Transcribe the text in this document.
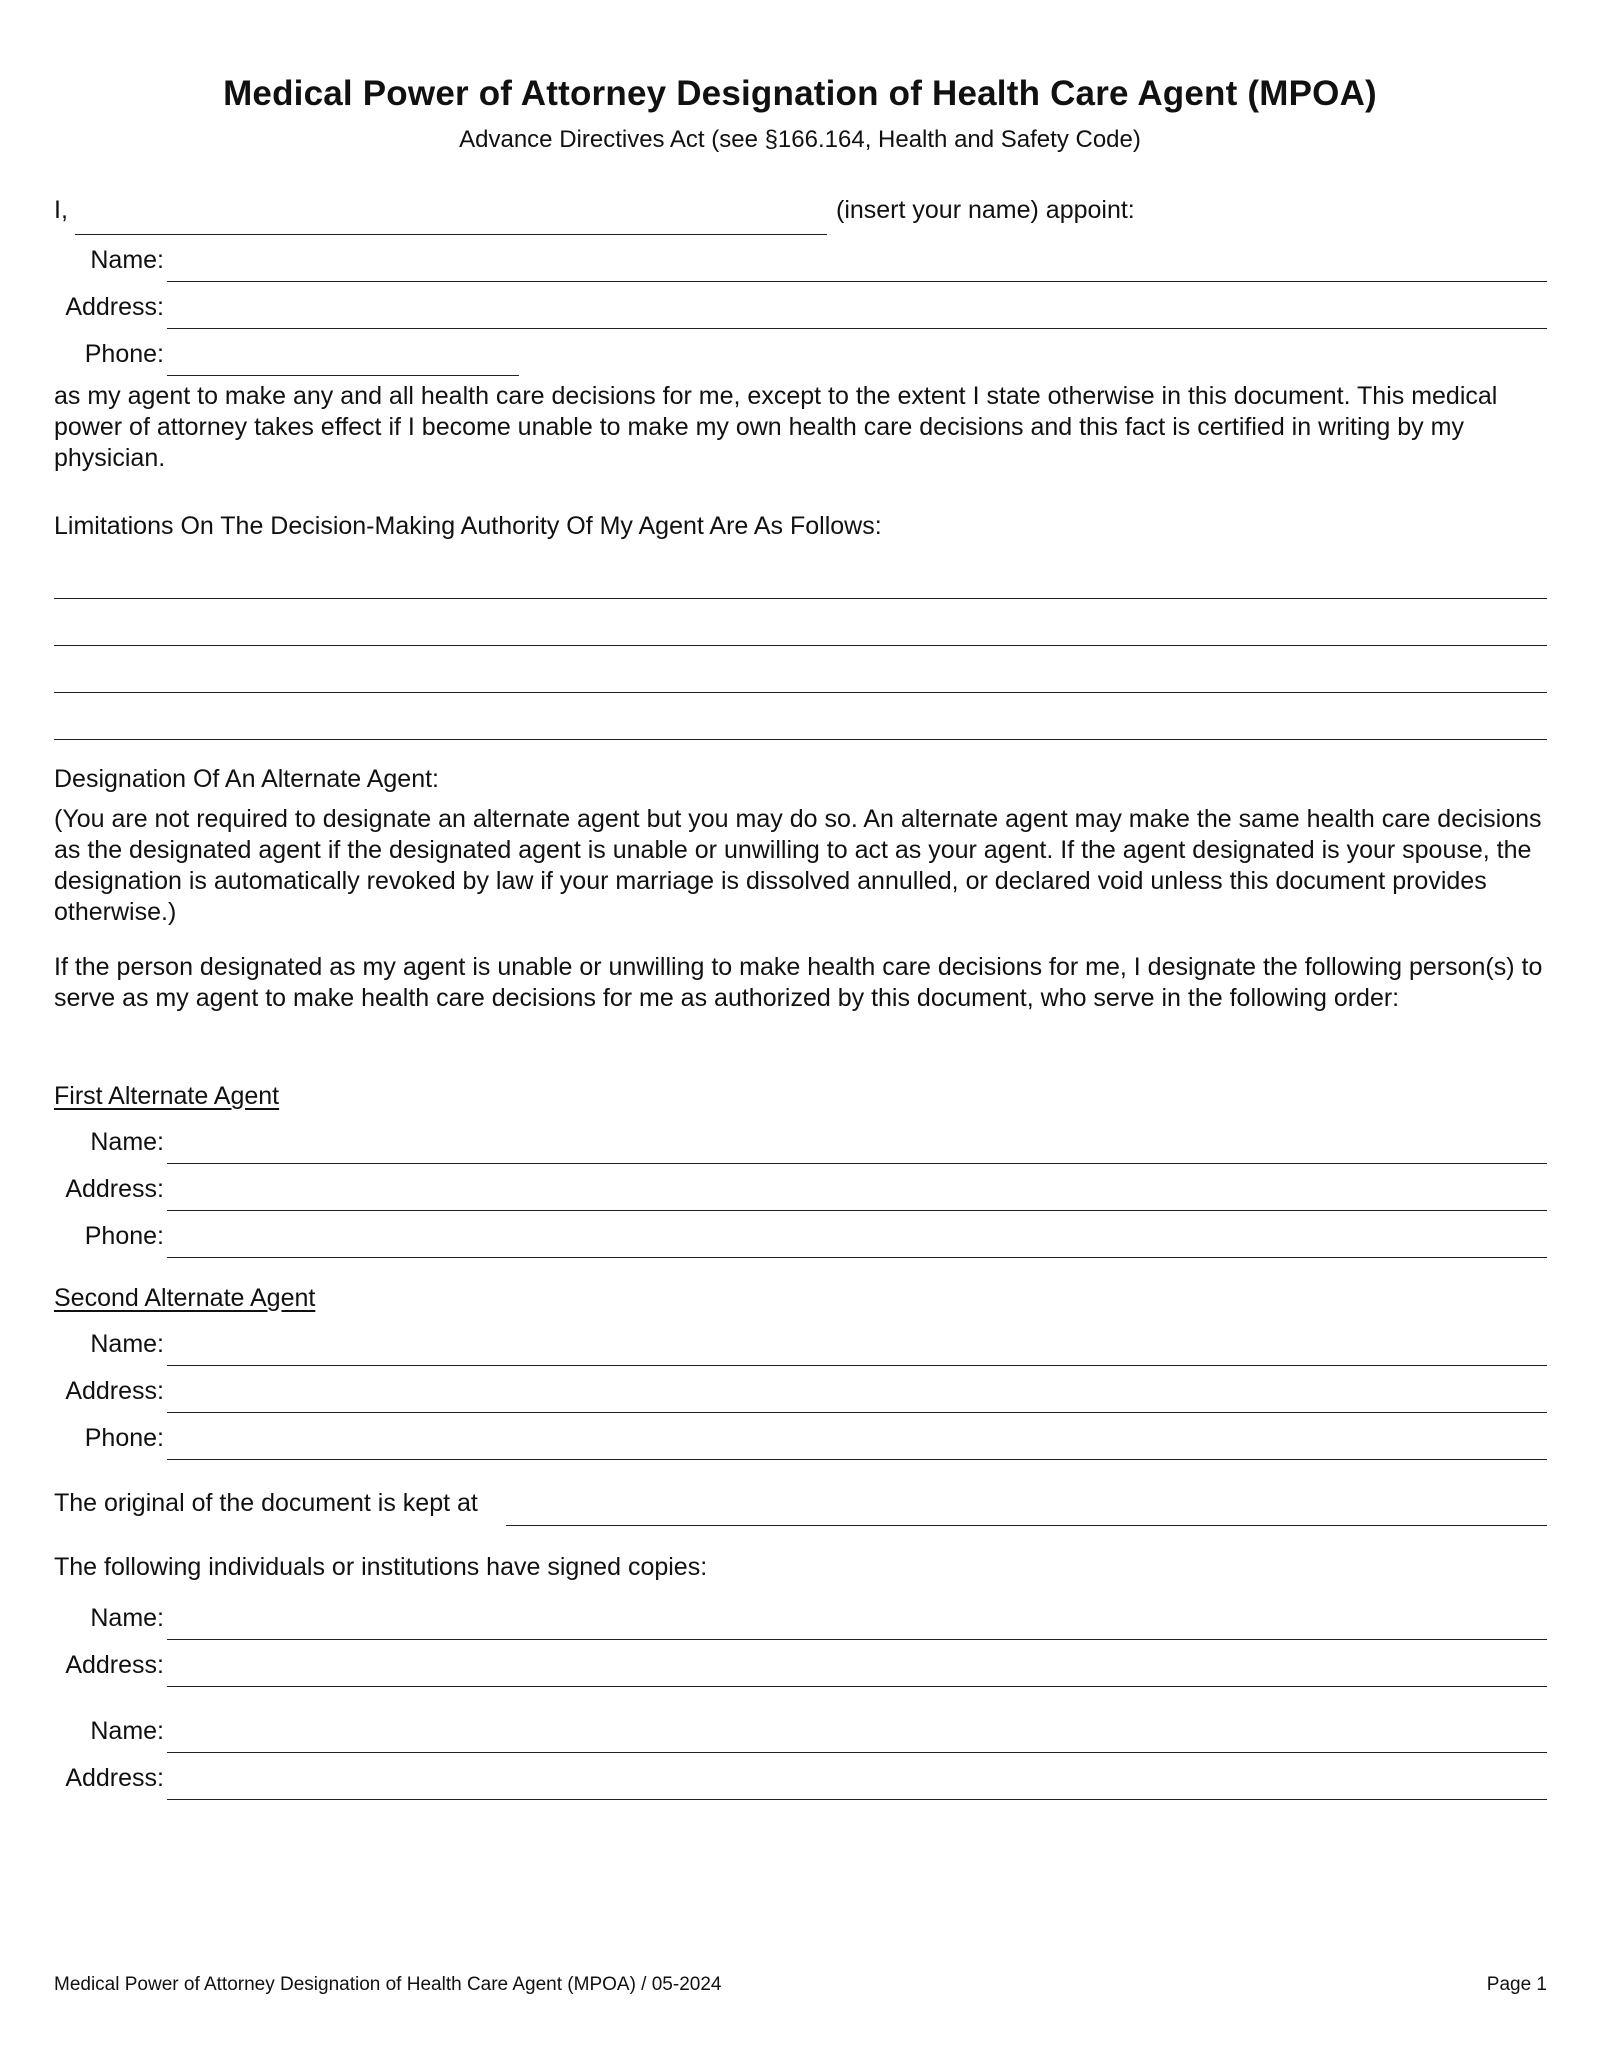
Medical Power of Attorney Designation of Health Care Agent (MPOA)
Advance Directives Act (see §166.164, Health and Safety Code)
I,	(insert your name) appoint:
Name:
Address:
Phone:
as my agent to make any and all health care decisions for me, except to the extent I state otherwise in this document. This medical power of attorney takes effect if I become unable to make my own health care decisions and this fact is certified in writing by my physician.
Limitations On The Decision-Making Authority Of My Agent Are As Follows:
Designation Of An Alternate Agent:
(You are not required to designate an alternate agent but you may do so. An alternate agent may make the same health care decisions as the designated agent if the designated agent is unable or unwilling to act as your agent. If the agent designated is your spouse, the designation is automatically revoked by law if your marriage is dissolved annulled, or declared void unless this document provides otherwise.)
If the person designated as my agent is unable or unwilling to make health care decisions for me, I designate the following person(s) to serve as my agent to make health care decisions for me as authorized by this document, who serve in the following order:
First Alternate Agent
Name:
Address:
Phone:
Second Alternate Agent
Name:
Address:
Phone:
The original of the document is kept at
The following individuals or institutions have signed copies:
Name:
Address:
Name:
Address:
Medical Power of Attorney Designation of Health Care Agent (MPOA) / 05-2024	Page 1
